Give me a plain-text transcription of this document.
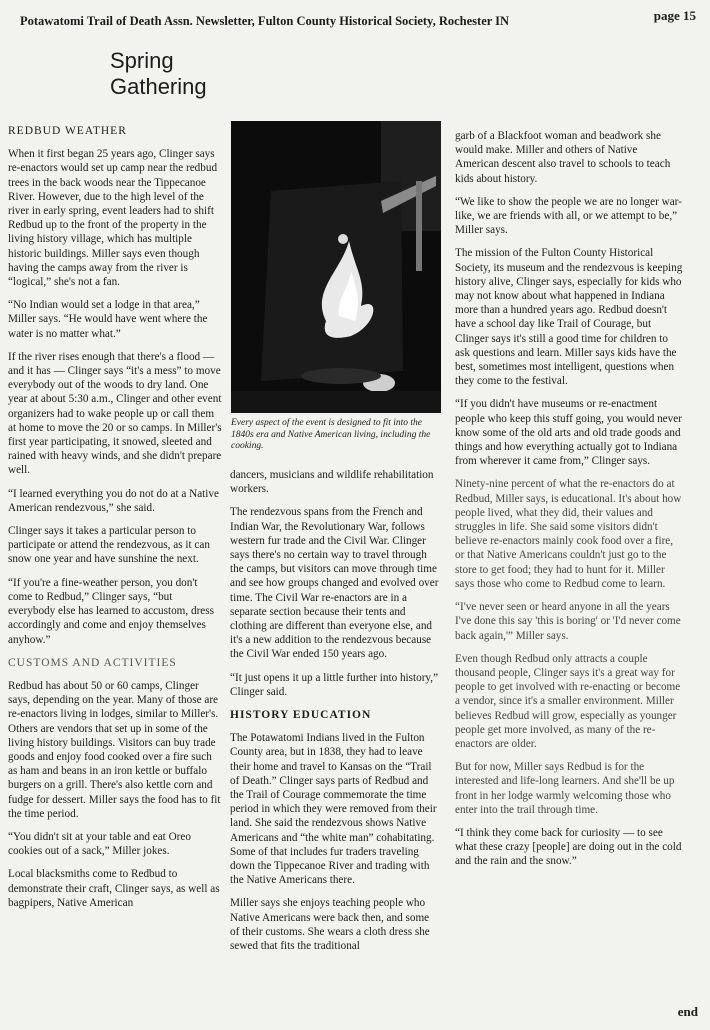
Potawatomi Trail of Death Assn. Newsletter, Fulton County Historical Society, Rochester IN	page 15
Spring
Gathering
REDBUD WEATHER

When it first began 25 years ago, Clinger says re-enactors would set up camp near the redbud trees in the back woods near the Tippecanoe River. However, due to the high level of the river in early spring, event leaders had to shift Redbud up to the front of the property in the living history village, which has multiple historic buildings. Miller says even though having the camps away from the river is “logical,” she's not a fan.

“No Indian would set a lodge in that area,” Miller says. “He would have went where the water is no matter what.”

If the river rises enough that there's a flood — and it has — Clinger says “it's a mess” to move everybody out of the woods to dry land. One year at about 5:30 a.m., Clinger and other event organizers had to wake people up or call them at home to move the 20 or so camps. In Miller's first year participating, it snowed, sleeted and rained with heavy winds, and she didn't prepare well.

“I learned everything you do not do at a Native American rendezvous,” she said.

Clinger says it takes a particular person to participate or attend the rendezvous, as it can snow one year and have sunshine the next.

“If you're a fine-weather person, you don't come to Redbud,” Clinger says, “but everybody else has learned to accustom, dress accordingly and come and enjoy themselves anyhow.”

CUSTOMS AND ACTIVITIES

Redbud has about 50 or 60 camps, Clinger says, depending on the year. Many of those are re-enactors living in lodges, similar to Miller's. Others are vendors that set up in some of the living history buildings. Visitors can buy trade goods and enjoy food cooked over a fire such as ham and beans in an iron kettle or buffalo burgers on a grill. There's also kettle corn and fudge for dessert. Miller says the food has to fit the time period.

“You didn't sit at your table and eat Oreo cookies out of a sack,” Miller jokes.

Local blacksmiths come to Redbud to demonstrate their craft, Clinger says, as well as bagpipers, Native American

Every aspect of the event is designed to fit into the 1840s era and Native American living, including the cooking.

dancers, musicians and wildlife rehabilitation workers.

The rendezvous spans from the French and Indian War, the Revolutionary War, follows western fur trade and the Civil War. Clinger says there's no certain way to travel through the camps, but visitors can move through time and see how groups changed and evolved over time. The Civil War re-enactors are in a separate section because their tents and clothing are different than everyone else, and it's a new addition to the rendezvous because the Civil War ended 150 years ago.

“It just opens it up a little further into history,” Clinger said.

HISTORY EDUCATION

The Potawatomi Indians lived in the Fulton County area, but in 1838, they had to leave their home and travel to Kansas on the “Trail of Death.” Clinger says parts of Redbud and the Trail of Courage commemorate the time period in which they were removed from their land. She said the rendezvous shows Native Americans and “the white man” cohabitating. Some of that includes fur traders traveling down the Tippecanoe River and trading with the Native Americans there.

Miller says she enjoys teaching people who Native Americans were back then, and some of their customs. She wears a cloth dress she sewed that fits the traditional

garb of a Blackfoot woman and beadwork she would make. Miller and others of Native American descent also travel to schools to teach kids about history.

“We like to show the people we are no longer war-like, we are friends with all, or we attempt to be,” Miller says.

The mission of the Fulton County Historical Society, its museum and the rendezvous is keeping history alive, Clinger says, especially for kids who may not know about what happened in Indiana more than a hundred years ago. Redbud doesn't have a school day like Trail of Courage, but Clinger says it's still a good time for children to ask questions and learn. Miller says kids have the best, sometimes most intelligent, questions when they come to the festival.

“If you didn't have museums or re-enactment people who keep this stuff going, you would never know some of the old arts and old trade goods and things and how everything actually got to Indiana from wherever it came from,” Clinger says.

Ninety-nine percent of what the re-enactors do at Redbud, Miller says, is educational. It's about how people lived, what they did, their values and struggles in life. She said some visitors didn't believe re-enactors mainly cook food over a fire, or that Native Americans couldn't just go to the store to get food; they had to hunt for it. Miller says those who come to Redbud come to learn.

“I've never seen or heard anyone in all the years I've done this say 'this is boring' or 'I'd never come back again,'” Miller says.

Even though Redbud only attracts a couple thousand people, Clinger says it's a great way for people to get involved with re-enacting or become a vendor, since it's a smaller environment. Miller believes Redbud will grow, especially as younger people get more involved, as many of the re-enactors are older.

But for now, Miller says Redbud is for the interested and life-long learners. And she'll be up front in her lodge warmly welcoming those who enter into the trail through time.

“I think they come back for curiosity — to see what these crazy [people] are doing out in the cold and the rain and the snow.”

end
